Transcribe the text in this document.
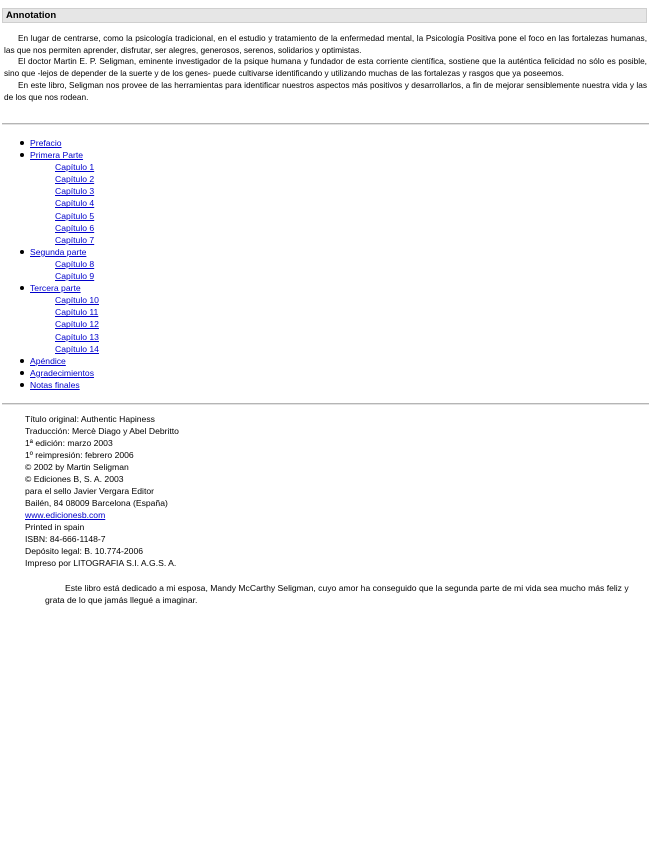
Annotation

En lugar de centrarse, como la psicología tradicional, en el estudio y tratamiento de la enfermedad mental, la Psicología Positiva pone el foco en las fortalezas humanas, las que nos permiten aprender, disfrutar, ser alegres, generosos, serenos, solidarios y optimistas.

El doctor Martin E. P. Seligman, eminente investigador de la psique humana y fundador de esta corriente científica, sostiene que la auténtica felicidad no sólo es posible, sino que -lejos de depender de la suerte y de los genes- puede cultivarse identificando y utilizando muchas de las fortalezas y rasgos que ya poseemos.

En este libro, Seligman nos provee de las herramientas para identificar nuestros aspectos más positivos y desarrollarlos, a fin de mejorar sensiblemente nuestra vida y las de los que nos rodean.

Prefacio
Primera Parte
Capítulo 1
Capítulo 2
Capítulo 3
Capítulo 4
Capítulo 5
Capítulo 6
Capítulo 7
Segunda parte
Capítulo 8
Capítulo 9
Tercera parte
Capítulo 10
Capítulo 11
Capítulo 12
Capítulo 13
Capítulo 14
Apéndice
Agradecimientos
Notas finales
Título original: Authentic Hapiness
Traducción: Mercè Diago y Abel Debritto
1ª edición: marzo 2003
1º reimpresión: febrero 2006
© 2002 by Martin Seligman
© Ediciones B, S. A. 2003
para el sello Javier Vergara Editor
Bailén, 84 08009 Barcelona (España)
www.edicionesb.com
Printed in spain
ISBN: 84-666-1148-7
Depósito legal: B. 10.774-2006
Impreso por LITOGRAFIA S.I. A.G.S. A.

Este libro está dedicado a mi esposa, Mandy McCarthy Seligman, cuyo amor ha conseguido que la segunda parte de mi vida sea mucho más feliz y grata de lo que jamás llegué a imaginar.
